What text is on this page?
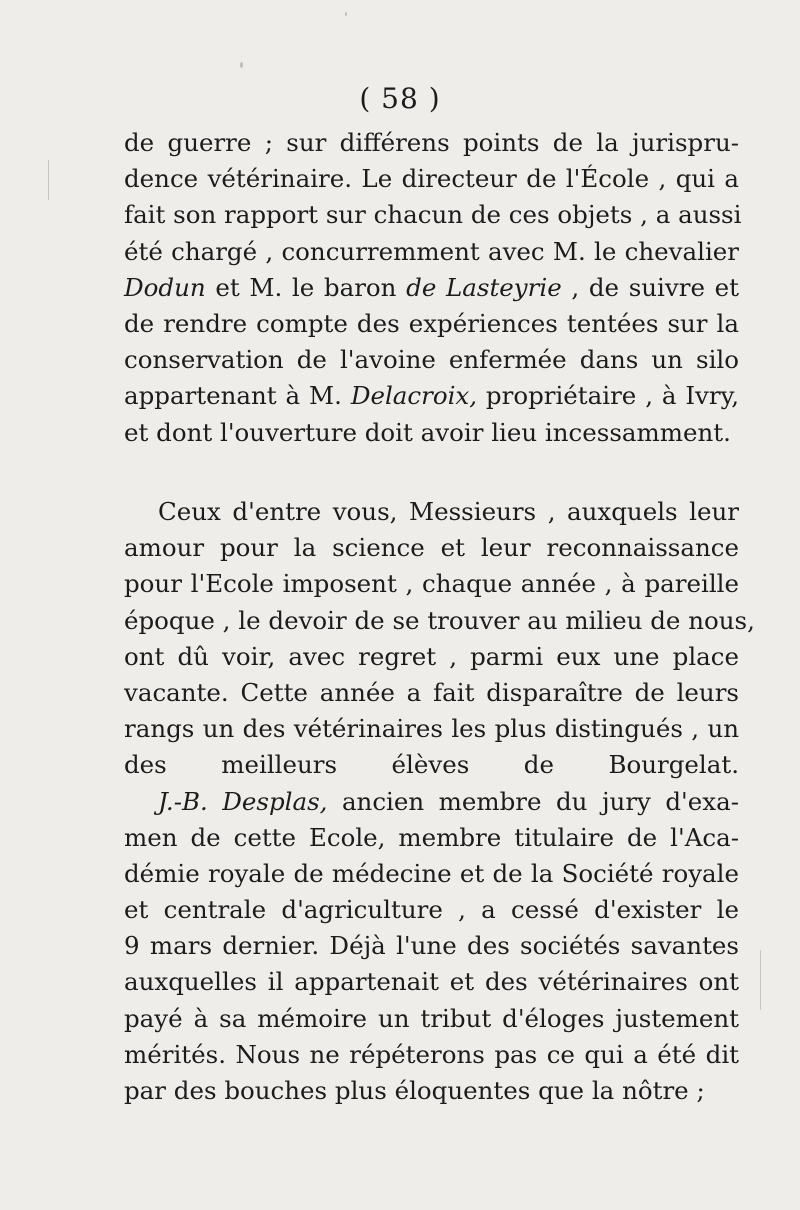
( 58 )
de guerre ; sur différens points de la jurispru-
dence vétérinaire. Le directeur de l'École , qui a
fait son rapport sur chacun de ces objets , a aussi
été chargé , concurremment avec M. le chevalier
Dodun et M. le baron de Lasteyrie , de suivre et
de rendre compte des expériences tentées sur la
conservation de l'avoine enfermée dans un silo
appartenant à M. Delacroix, propriétaire , à Ivry,
et dont l'ouverture doit avoir lieu incessamment.
Ceux d'entre vous, Messieurs , auxquels leur
amour pour la science et leur reconnaissance
pour l'Ecole imposent , chaque année , à pareille
époque , le devoir de se trouver au milieu de nous,
ont dû voir, avec regret , parmi eux une place
vacante. Cette année a fait disparaître de leurs
rangs un des vétérinaires les plus distingués , un
des meilleurs élèves de Bourgelat.
J.-B. Desplas, ancien membre du jury d'exa-
men de cette Ecole, membre titulaire de l'Aca-
démie royale de médecine et de la Société royale
et centrale d'agriculture , a cessé d'exister le
9 mars dernier. Déjà l'une des sociétés savantes
auxquelles il appartenait et des vétérinaires ont
payé à sa mémoire un tribut d'éloges justement
mérités. Nous ne répéterons pas ce qui a été dit
par des bouches plus éloquentes que la nôtre ;
